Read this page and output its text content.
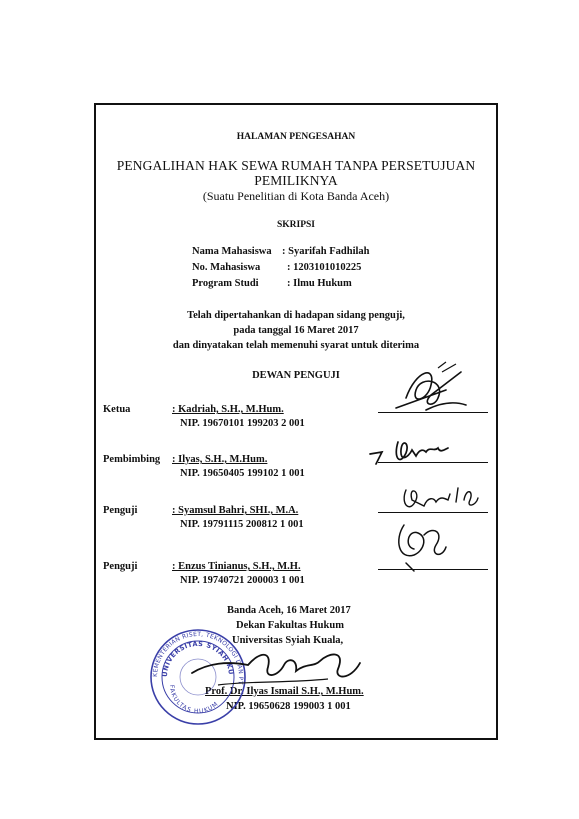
HALAMAN PENGESAHAN
PENGALIHAN HAK SEWA RUMAH TANPA PERSETUJUAN
PEMILIKNYA
(Suatu Penelitian di Kota Banda Aceh)
SKRIPSI
Nama Mahasiswa : Syarifah Fadhilah
No. Mahasiswa	: 1203101010225
Program Studi	: Ilmu Hukum
Telah dipertahankan di hadapan sidang penguji,
pada tanggal 16 Maret 2017
dan dinyatakan telah memenuhi syarat untuk diterima
DEWAN PENGUJI
Ketua	: Kadriah, S.H., M.Hum.
NIP. 19670101 199203 2 001
Pembimbing : Ilyas, S.H., M.Hum.
NIP. 19650405 199102 1 001
Penguji	: Syamsul Bahri, SHI., M.A.
NIP. 19791115 200812 1 001
Penguji	: Enzus Tinianus, S.H., M.H.
NIP. 19740721 200003 1 001
Banda Aceh, 16 Maret 2017
Dekan Fakultas Hukum
Universitas Syiah Kuala,
Prof. Dr. Ilyas Ismail S.H., M.Hum.
NIP. 19650628 199003 1 001
KEMENTERIAN RISET, TEKNOLOGI DAN PT
UNIVERSITAS SYIAH KUALA
FAKULTAS HUKUM
